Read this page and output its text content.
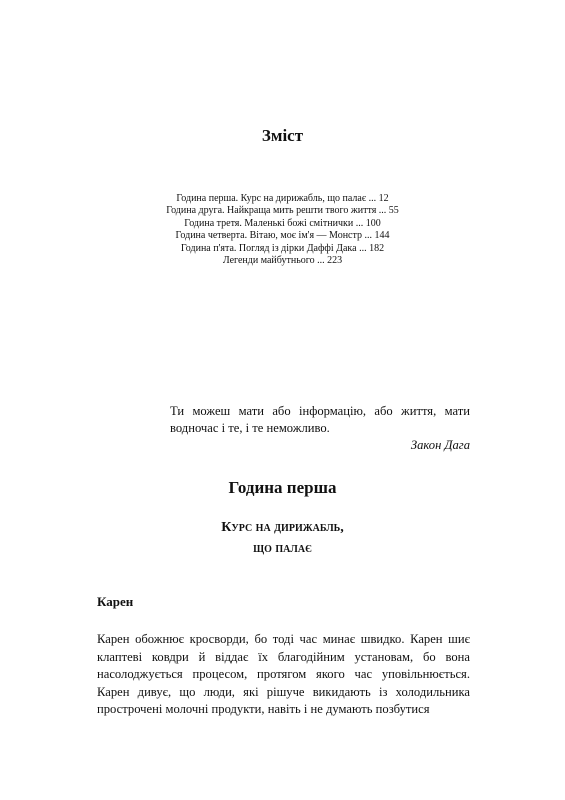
Зміст
Година перша. Курс на дирижабль, що палає ... 12
Година друга. Найкраща мить решти твого життя ... 55
Година третя. Маленькі божі смітнички ... 100
Година четверта. Вітаю, моє ім'я — Монстр ... 144
Година п'ята. Погляд із дірки Даффі Дака ... 182
Легенди майбутнього ... 223
Ти можеш мати або інформацію, або життя, мати водночас і те, і те неможливо.
Закон Дага
Година перша
Курс на дирижабль,
що палає
Карен
Карен обожнює кросворди, бо тоді час минає швидко. Карен шиє клаптеві ковдри й віддає їх благодійним установам, бо вона насолоджується процесом, протягом якого час уповільнюється. Карен дивує, що люди, які рішуче викидають із холодильника прострочені молочні продукти, навіть і не думають позбутися
